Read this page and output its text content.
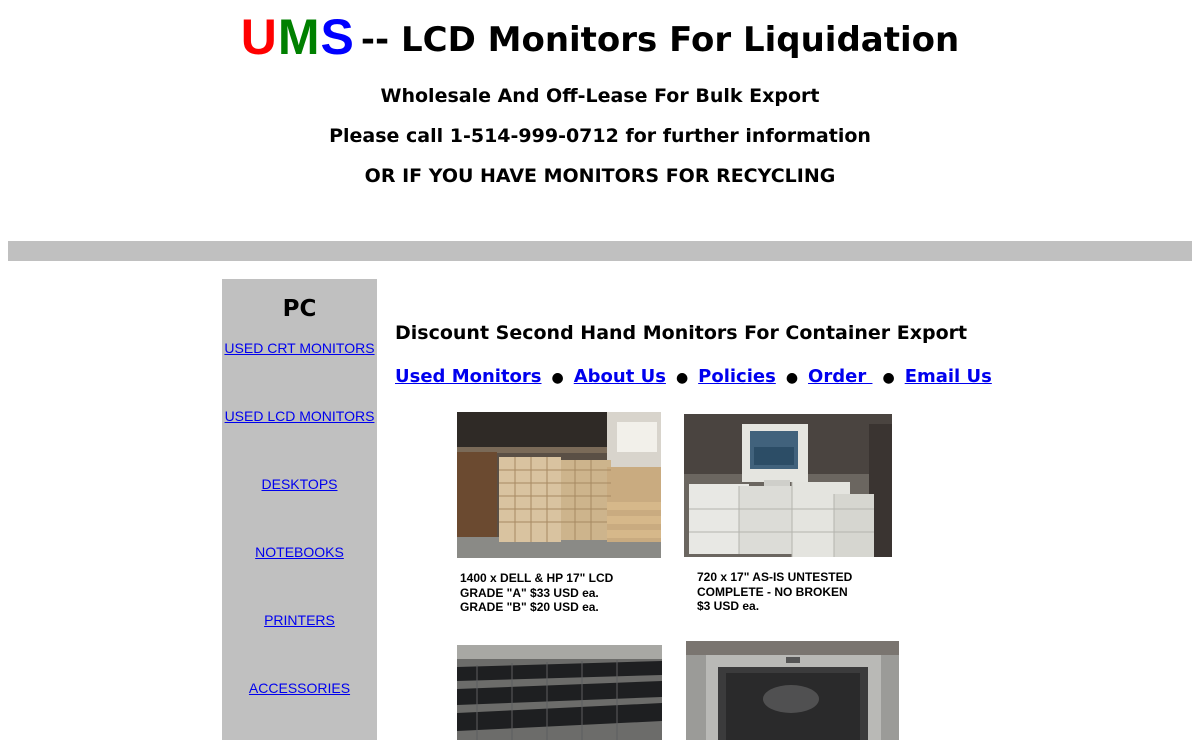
UMS -- LCD Monitors For Liquidation
Wholesale And Off-Lease For Bulk Export
Please call 1-514-999-0712 for further information
OR IF YOU HAVE MONITORS FOR RECYCLING
PC
USED CRT MONITORS
USED LCD MONITORS
DESKTOPS
NOTEBOOKS
PRINTERS
ACCESSORIES
Discount Second Hand Monitors For Container Export
Used Monitors ● About Us ● Policies ● Order ● Email Us
1400 x DELL & HP 17" LCD
GRADE "A" $33 USD ea.
GRADE "B" $20 USD ea.
720 x 17" AS-IS UNTESTED
COMPLETE - NO BROKEN
$3 USD ea.
